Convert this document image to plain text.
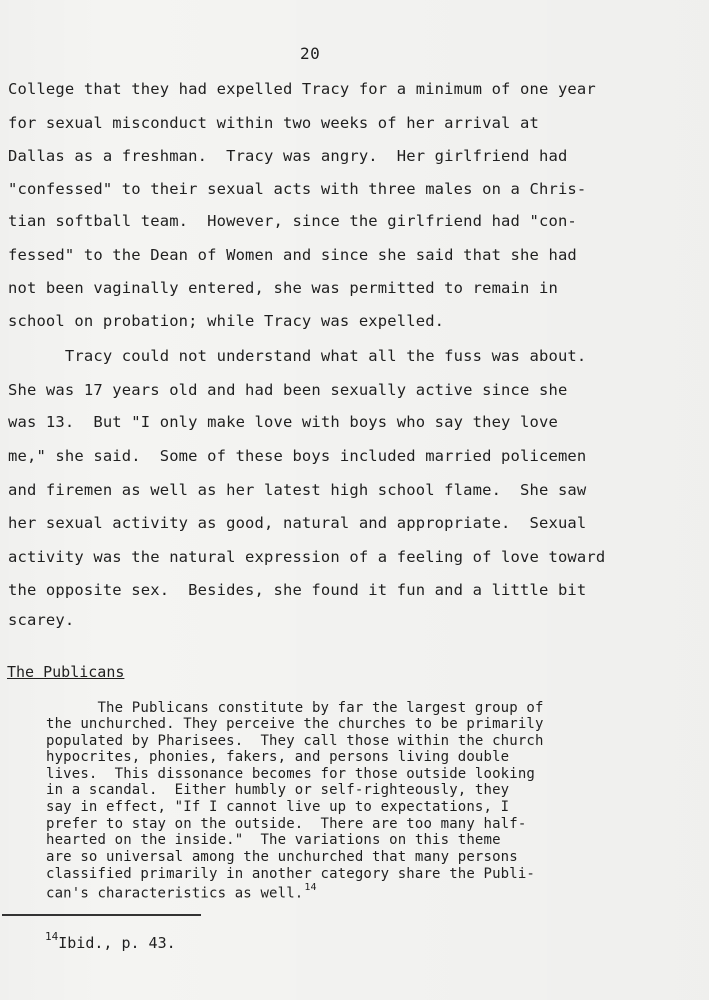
20
College that they had expelled Tracy for a minimum of one year
for sexual misconduct within two weeks of her arrival at
Dallas as a freshman.  Tracy was angry.  Her girlfriend had
"confessed" to their sexual acts with three males on a Chris-
tian softball team.  However, since the girlfriend had "con-
fessed" to the Dean of Women and since she said that she had
not been vaginally entered, she was permitted to remain in
school on probation; while Tracy was expelled.
Tracy could not understand what all the fuss was about.
She was 17 years old and had been sexually active since she
was 13.  But "I only make love with boys who say they love
me," she said.  Some of these boys included married policemen
and firemen as well as her latest high school flame.  She saw
her sexual activity as good, natural and appropriate.  Sexual
activity was the natural expression of a feeling of love toward
the opposite sex.  Besides, she found it fun and a little bit
scarey.
The Publicans
The Publicans constitute by far the largest group of
the unchurched. They perceive the churches to be primarily
populated by Pharisees.  They call those within the church
hypocrites, phonies, fakers, and persons living double
lives.  This dissonance becomes for those outside looking
in a scandal.  Either humbly or self-righteously, they
say in effect, "If I cannot live up to expectations, I
prefer to stay on the outside.  There are too many half-
hearted on the inside."  The variations on this theme
are so universal among the unchurched that many persons
classified primarily in another category share the Publi-
can's characteristics as well.$^{14}$
$^{14}$Ibid., p. 43.
